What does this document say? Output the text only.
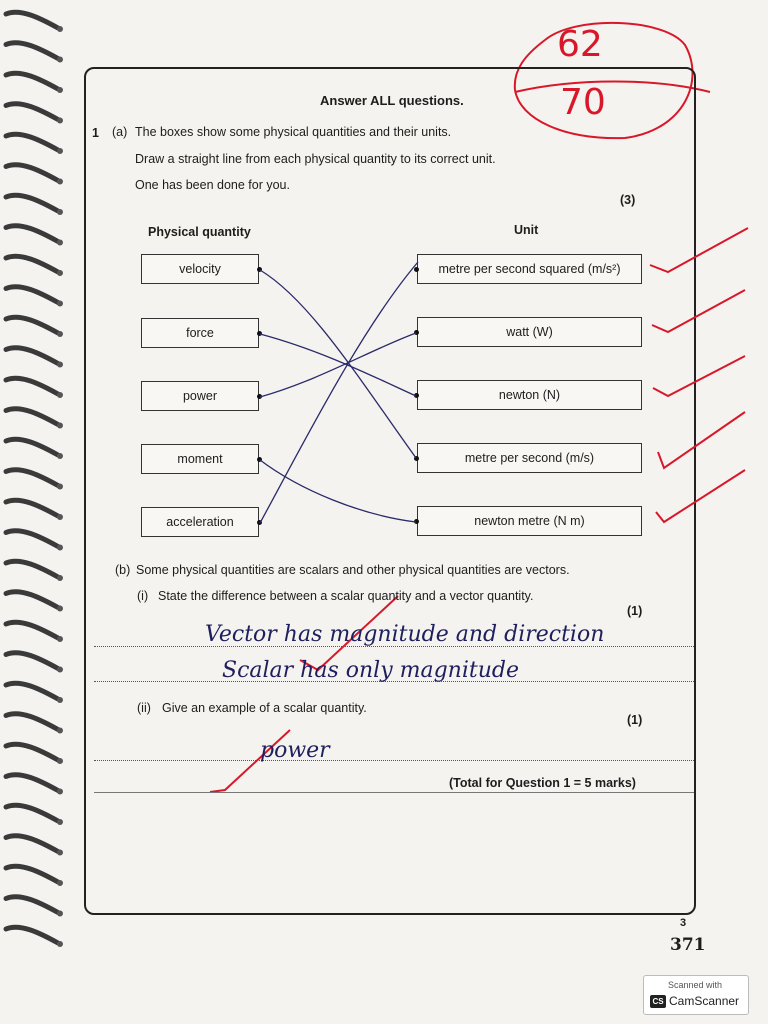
62
70
Answer ALL questions.
1 (a) The boxes show some physical quantities and their units.
Draw a straight line from each physical quantity to its correct unit.
One has been done for you.
(3)
Physical quantity	Unit
velocity
force
power
moment
acceleration
metre per second squared (m/s²)
watt (W)
newton (N)
metre per second (m/s)
newton metre (N m)
(b) Some physical quantities are scalars and other physical quantities are vectors.
(i) State the difference between a scalar quantity and a vector quantity.
(1)
Vector has magnitude and direction
Scalar has only magnitude
(ii) Give an example of a scalar quantity.
(1)
power
(Total for Question 1 = 5 marks)
3
371
Scanned with
CS CamScanner
